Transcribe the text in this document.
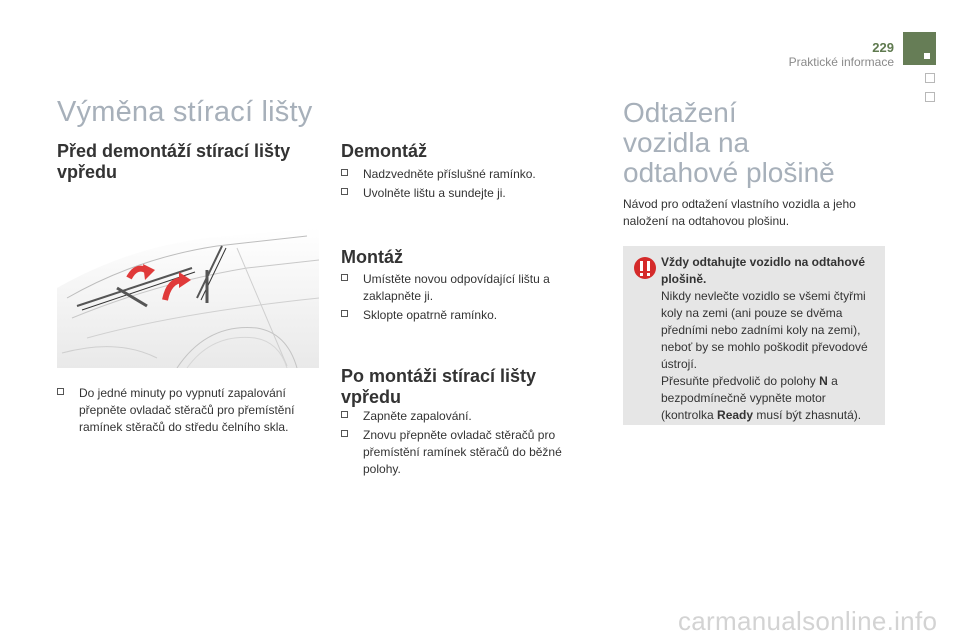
229
Praktické informace
Výměna stírací lišty
Před demontáží stírací lišty
vpředu
Do jedné minuty po vypnutí zapalování přepněte ovladač stěračů pro přemístění ramínek stěračů do středu čelního skla.
Demontáž
Nadzvedněte příslušné ramínko.
Uvolněte lištu a sundejte ji.
Montáž
Umístěte novou odpovídající lištu a zaklapněte ji.
Sklopte opatrně ramínko.
Po montáži stírací lišty
vpředu
Zapněte zapalování.
Znovu přepněte ovladač stěračů pro přemístění ramínek stěračů do běžné polohy.
Odtažení
vozidla na
odtahové plošině
Návod pro odtažení vlastního vozidla a jeho naložení na odtahovou plošinu.
Vždy odtahujte vozidlo na odtahové plošině.
Nikdy nevlečte vozidlo se všemi čtyřmi koly na zemi (ani pouze se dvěma předními nebo zadními koly na zemi), neboť by se mohlo poškodit převodové ústrojí.
Přesuňte předvolič do polohy N a bezpodmínečně vypněte motor (kontrolka Ready musí být zhasnutá).
carmanualsonline.info
